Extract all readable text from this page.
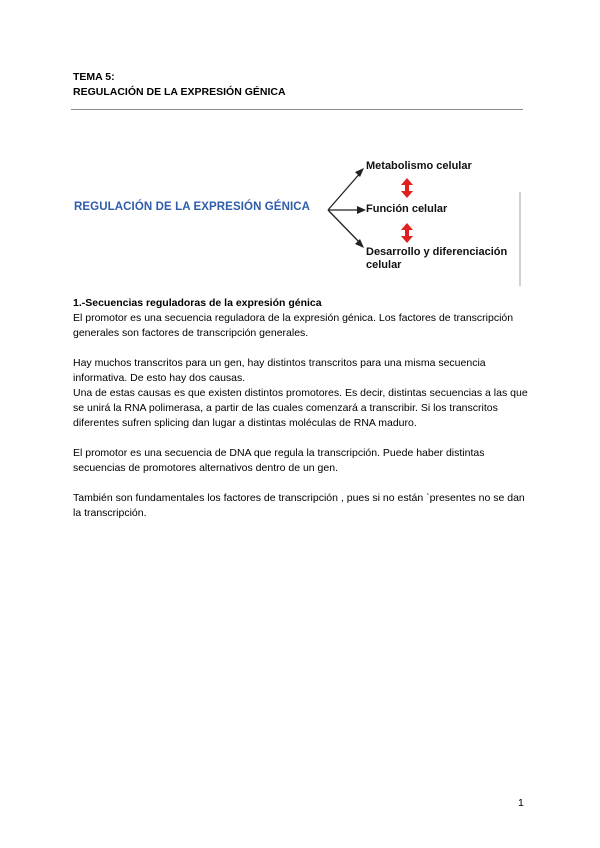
TEMA 5:
REGULACIÓN DE LA EXPRESIÓN GÉNICA
REGULACIÓN DE LA EXPRESIÓN GÉNICA
Metabolismo celular
Función celular
Desarrollo y diferenciación celular

1.-Secuencias reguladoras de la expresión génica

El promotor es una secuencia reguladora de la expresión génica. Los factores de transcripción generales son factores de transcripción generales.

Hay muchos transcritos para un gen, hay distintos transcritos para una misma secuencia informativa. De esto hay dos causas.

Una de estas causas es que existen distintos promotores. Es decir, distintas secuencias a las que se unirá la RNA polimerasa, a partir de las cuales comenzará a transcribir. Si los transcritos diferentes sufren splicing dan lugar a distintas moléculas de RNA maduro.

El promotor es una secuencia de DNA que regula la transcripción. Puede haber distintas secuencias de promotores alternativos dentro de un gen.

También son fundamentales los factores de transcripción , pues si no están `presentes no se dan la transcripción.

1
